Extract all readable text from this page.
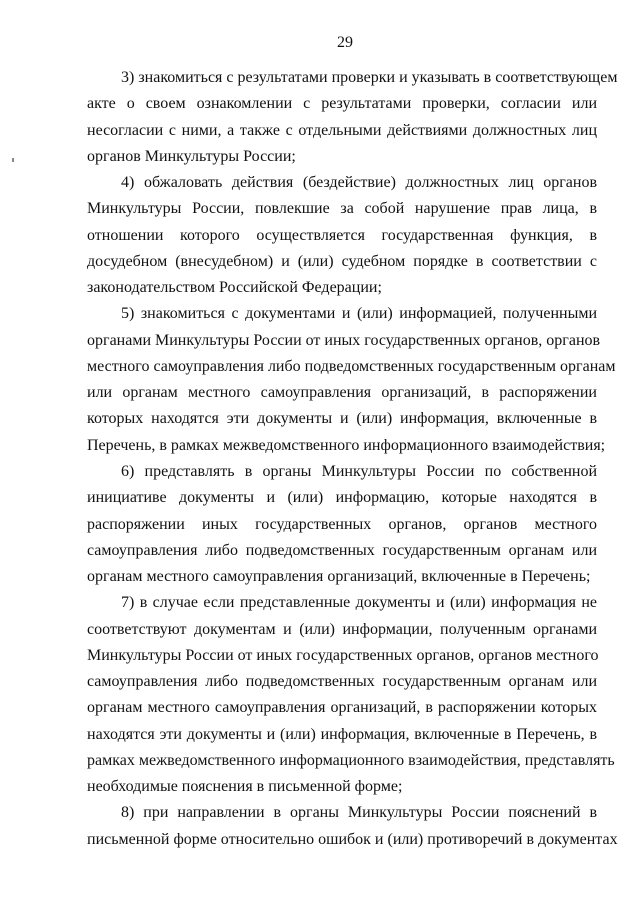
29
3) знакомиться с результатами проверки и указывать в соответствующем
акте о своем ознакомлении с результатами проверки, согласии или
несогласии с ними, а также с отдельными действиями должностных лиц
органов Минкультуры России;
4) обжаловать действия (бездействие) должностных лиц органов
Минкультуры России, повлекшие за собой нарушение прав лица, в
отношении которого осуществляется государственная функция, в
досудебном (внесудебном) и (или) судебном порядке в соответствии с
законодательством Российской Федерации;
5) знакомиться с документами и (или) информацией, полученными
органами Минкультуры России от иных государственных органов, органов
местного самоуправления либо подведомственных государственным органам
или органам местного самоуправления организаций, в распоряжении
которых находятся эти документы и (или) информация, включенные в
Перечень, в рамках межведомственного информационного взаимодействия;
6) представлять в органы Минкультуры России по собственной
инициативе документы и (или) информацию, которые находятся в
распоряжении иных государственных органов, органов местного
самоуправления либо подведомственных государственным органам или
органам местного самоуправления организаций, включенные в Перечень;
7) в случае если представленные документы и (или) информация не
соответствуют документам и (или) информации, полученным органами
Минкультуры России от иных государственных органов, органов местного
самоуправления либо подведомственных государственным органам или
органам местного самоуправления организаций, в распоряжении которых
находятся эти документы и (или) информация, включенные в Перечень, в
рамках межведомственного информационного взаимодействия, представлять
необходимые пояснения в письменной форме;
8) при направлении в органы Минкультуры России пояснений в
письменной форме относительно ошибок и (или) противоречий в документах
